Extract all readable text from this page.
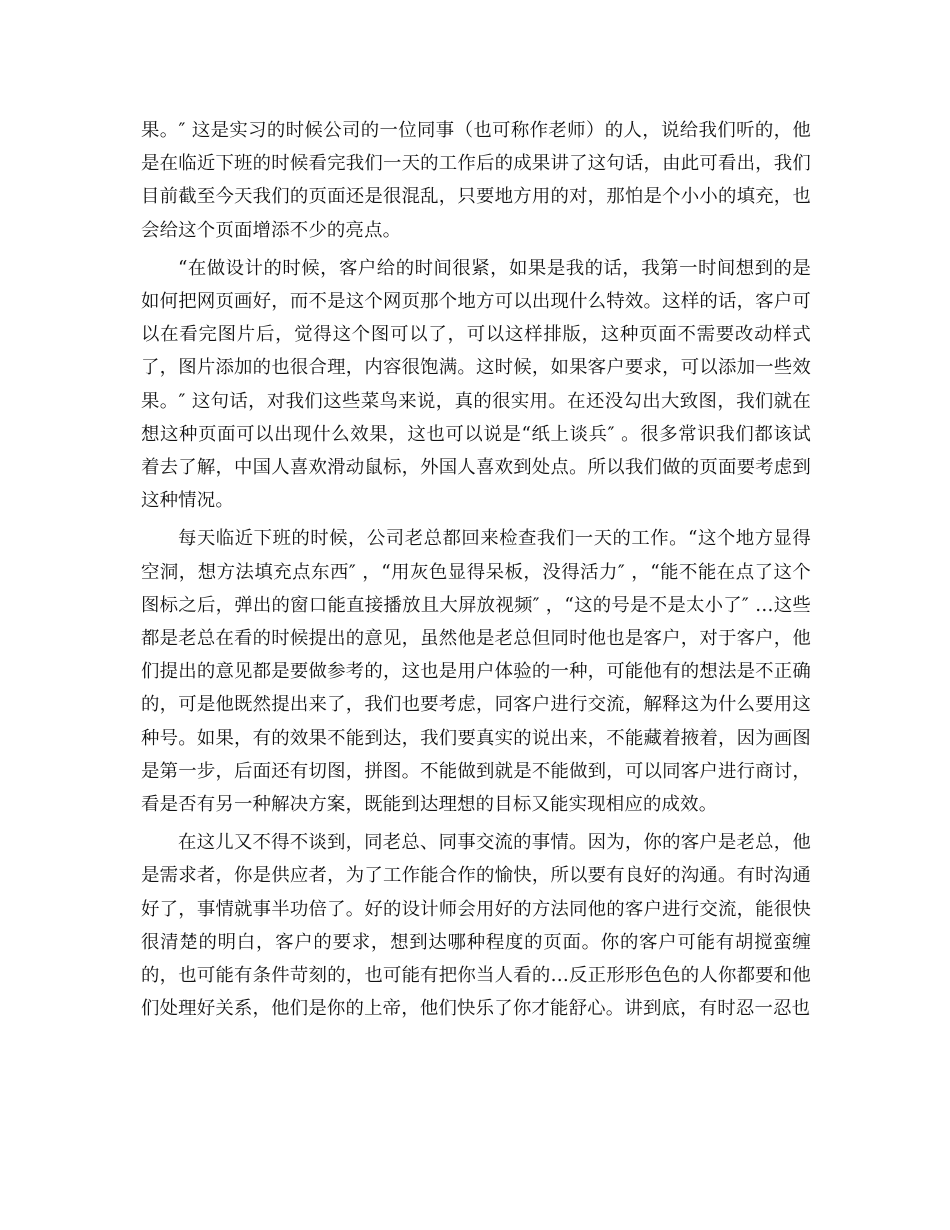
果。″ 这是实习的时候公司的一位同事（也可称作老师）的人，说给我们听的，他是在临近下班的时候看完我们一天的工作后的成果讲了这句话，由此可看出，我们目前截至今天我们的页面还是很混乱，只要地方用的对，那怕是个小小的填充，也会给这个页面增添不少的亮点。

“在做设计的时候，客户给的时间很紧，如果是我的话，我第一时间想到的是如何把网页画好，而不是这个网页那个地方可以出现什么特效。这样的话，客户可以在看完图片后，觉得这个图可以了，可以这样排版，这种页面不需要改动样式了，图片添加的也很合理，内容很饱满。这时候，如果客户要求，可以添加一些效果。″ 这句话，对我们这些菜鸟来说，真的很实用。在还没勾出大致图，我们就在想这种页面可以出现什么效果，这也可以说是“纸上谈兵″ 。很多常识我们都该试着去了解，中国人喜欢滑动鼠标，外国人喜欢到处点。所以我们做的页面要考虑到这种情况。

每天临近下班的时候，公司老总都回来检查我们一天的工作。“这个地方显得空洞，想方法填充点东西″ ，“用灰色显得呆板，没得活力″ ，“能不能在点了这个图标之后，弹出的窗口能直接播放且大屏放视频″ ，“这的号是不是太小了″ …这些都是老总在看的时候提出的意见，虽然他是老总但同时他也是客户，对于客户，他们提出的意见都是要做参考的，这也是用户体验的一种，可能他有的想法是不正确的，可是他既然提出来了，我们也要考虑，同客户进行交流，解释这为什么要用这种号。如果，有的效果不能到达，我们要真实的说出来，不能藏着掖着，因为画图是第一步，后面还有切图，拼图。不能做到就是不能做到，可以同客户进行商讨，看是否有另一种解决方案，既能到达理想的目标又能实现相应的成效。

在这儿又不得不谈到，同老总、同事交流的事情。因为，你的客户是老总，他是需求者，你是供应者，为了工作能合作的愉快，所以要有良好的沟通。有时沟通好了，事情就事半功倍了。好的设计师会用好的方法同他的客户进行交流，能很快很清楚的明白，客户的要求，想到达哪种程度的页面。你的客户可能有胡搅蛮缠的，也可能有条件苛刻的，也可能有把你当人看的…反正形形色色的人你都要和他们处理好关系，他们是你的上帝，他们快乐了你才能舒心。讲到底，有时忍一忍也
